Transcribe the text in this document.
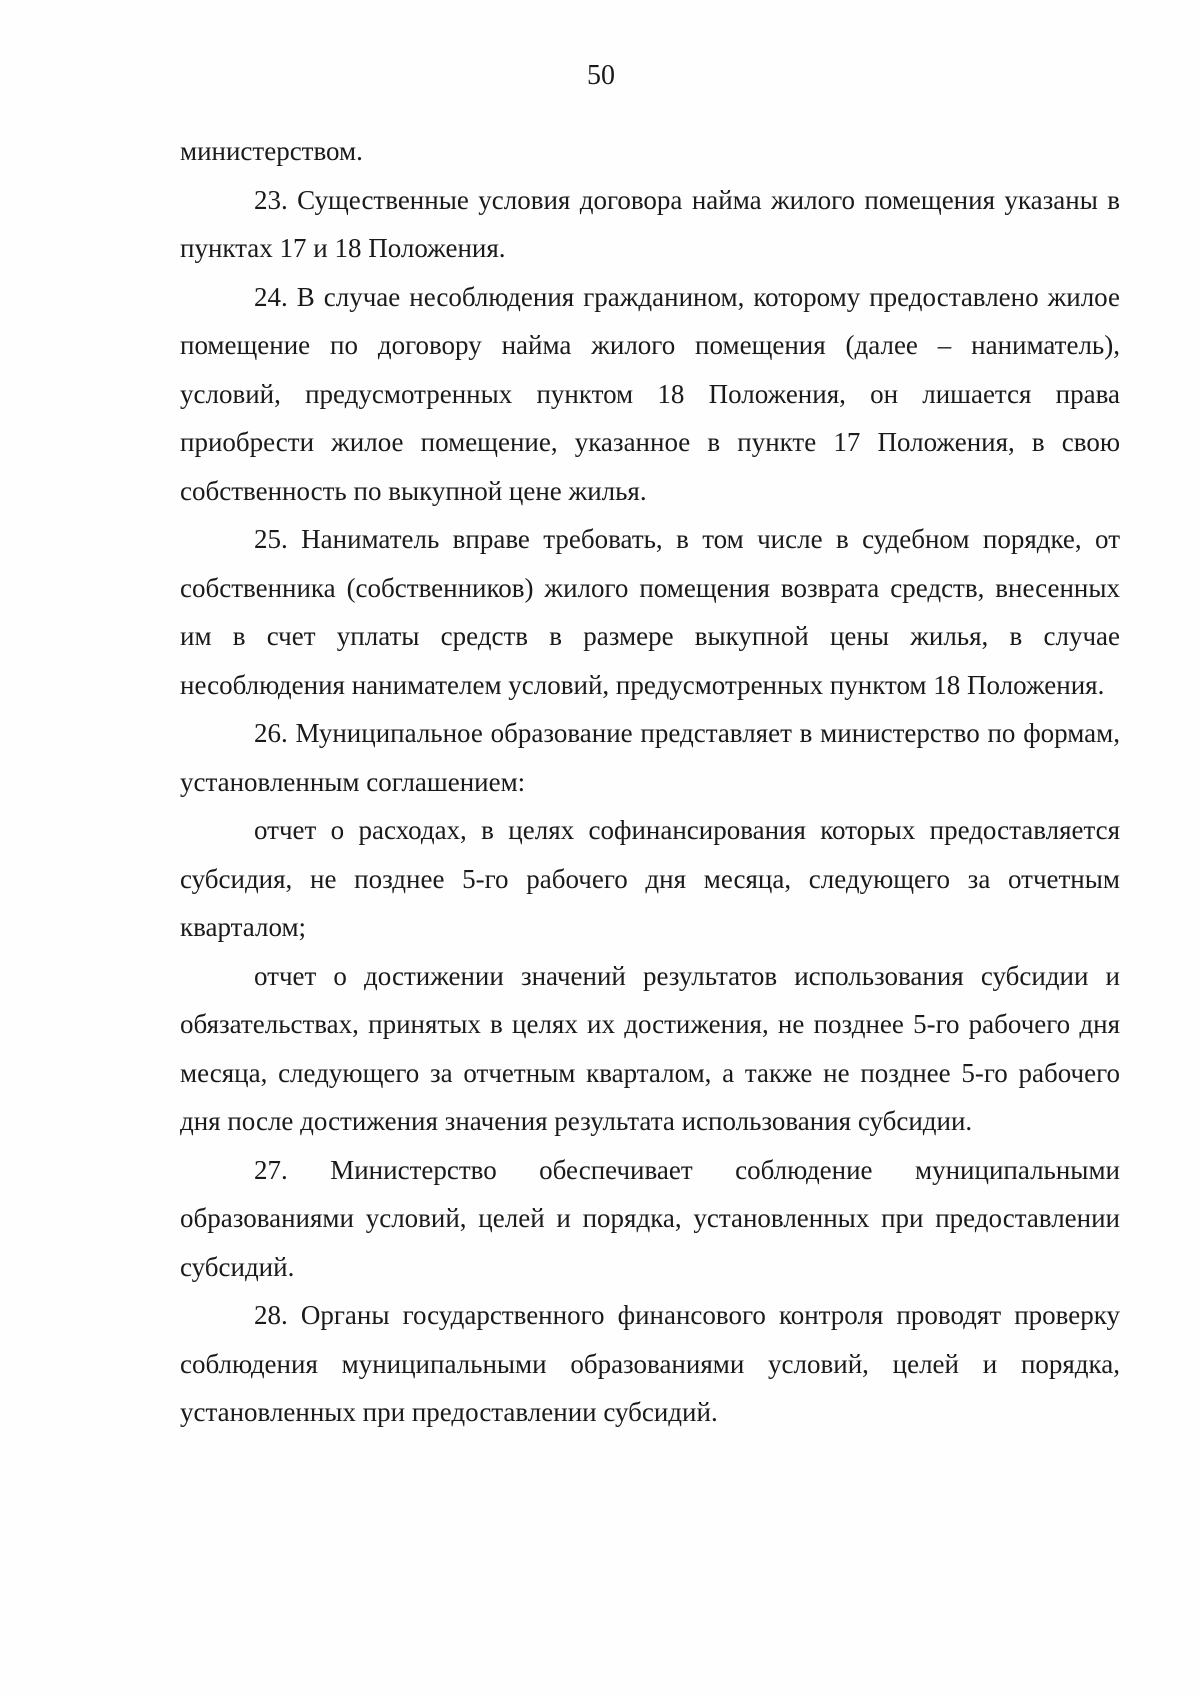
50

министерством.

23. Существенные условия договора найма жилого помещения указаны в пунктах 17 и 18 Положения.

24. В случае несоблюдения гражданином, которому предоставлено жилое помещение по договору найма жилого помещения (далее – наниматель), условий, предусмотренных пунктом 18 Положения, он лишается права приобрести жилое помещение, указанное в пункте 17 Положения, в свою собственность по выкупной цене жилья.

25. Наниматель вправе требовать, в том числе в судебном порядке, от собственника (собственников) жилого помещения возврата средств, внесенных им в счет уплаты средств в размере выкупной цены жилья, в случае несоблюдения нанимателем условий, предусмотренных пунктом 18 Положения.

26. Муниципальное образование представляет в министерство по формам, установленным соглашением:

отчет о расходах, в целях софинансирования которых предоставляется субсидия, не позднее 5-го рабочего дня месяца, следующего за отчетным кварталом;

отчет о достижении значений результатов использования субсидии и обязательствах, принятых в целях их достижения, не позднее 5-го рабочего дня месяца, следующего за отчетным кварталом, а также не позднее 5-го рабочего дня после достижения значения результата использования субсидии.

27. Министерство обеспечивает соблюдение муниципальными образованиями условий, целей и порядка, установленных при предоставлении субсидий.

28. Органы государственного финансового контроля проводят проверку соблюдения муниципальными образованиями условий, целей и порядка, установленных при предоставлении субсидий.
